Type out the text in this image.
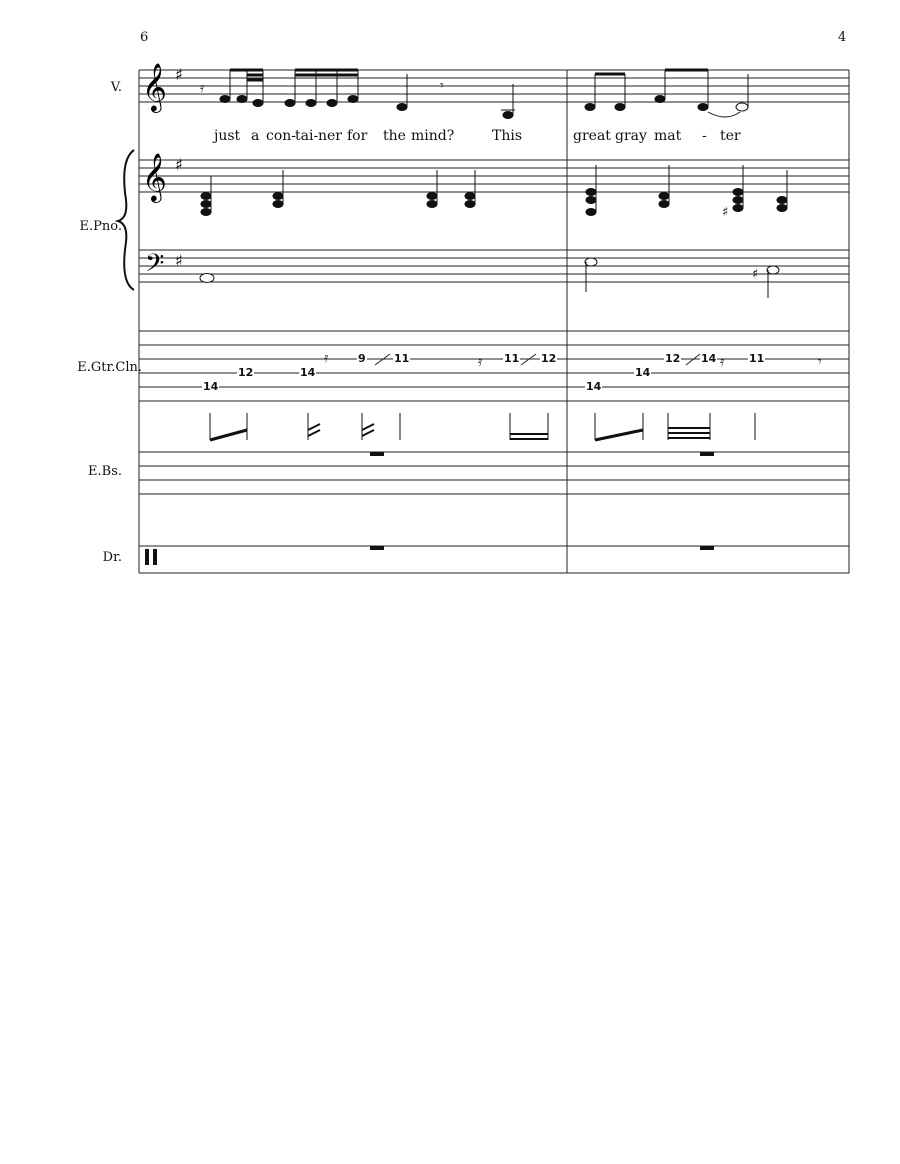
6	4
V.
E.Pno.
E.Gtr.Cln.
E.Bs.
Dr.
𝄞 ♯
𝄿	𝄾
𝄞 ♯
𝄢 ♯
♯
♯
𝄿	𝄿	𝄿	𝄾
just a con-
tai- ner for the mind?	This	great gray mat - ter
14
12	14
9	11	11 12
14
14
12 14	11
